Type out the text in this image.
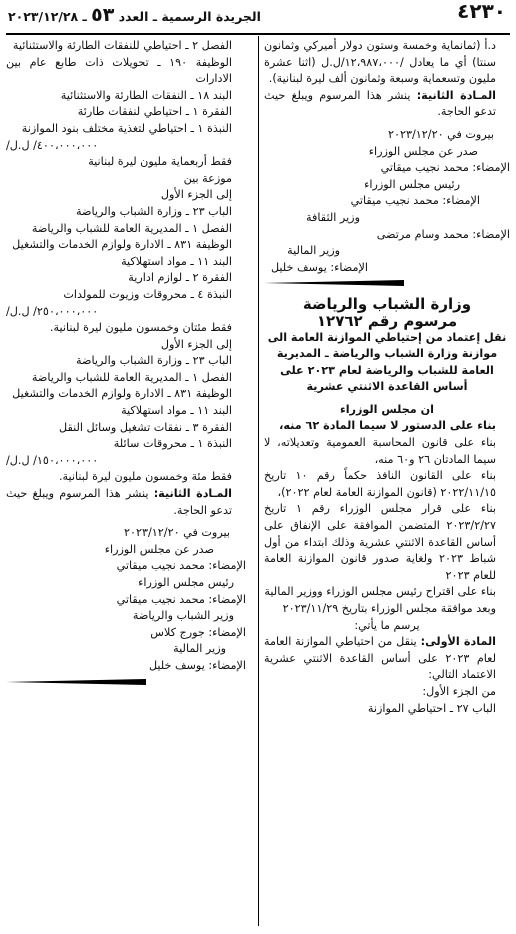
٤٢٣٠
الجريدة الرسمية ـ العدد ٥٣ ـ ٢٠٢٣/١٢/٢٨

د.أ (ثمانماية وخمسة وستون دولار أميركي وثمانون سنتا) أي ما يعادل /١٢،٩٨٧،٠٠٠/ل.ل (اثنا عشرة مليون وتسعماية وسبعة وثمانون ألف ليرة لبنانية).

المـادة الثانية: ينشر هذا المرسوم ويبلغ حيث تدعو الحاجة.

بيروت في ٢٠٢٣/١٢/٢٠

صدر عن مجلس الوزراء

الإمضاء: محمد نجيب ميقاتي

رئيس مجلس الوزراء

الإمضاء: محمد نجيب ميقاتي

وزير الثقافة

الإمضاء: محمد وسام مرتضى

وزير المالية

الإمضاء: يوسف خليل

وزارة الشباب والرياضة
مرسوم رقم ١٢٧٦٢

نقل إعتماد من إحتياطي الموازنة العامة الى موازنة وزارة الشباب والرياضة ـ المديرية العامة للشباب والرياضة لعام ٢٠٢٣ على أساس القاعدة الاثنتي عشرية

ان مجلس الوزراء

بناء على الدستور لا سيما المادة ٦٢ منه،

بناء على قانون المحاسبة العمومية وتعديلاته، لا سيما المادتان ٢٦ و٦٠ منه،

بناء على القانون النافذ حكماً رقم ١٠ تاريخ ٢٠٢٢/١١/١٥ (قانون الموازنة العامة لعام ٢٠٢٢)،

بناء على قرار مجلس الوزراء رقم ١ تاريخ ٢٠٢٣/٢/٢٧ المتضمن الموافقة على الإنفاق على أساس القاعدة الاثنتي عشرية وذلك ابتداء من أول شباط ٢٠٢٣ ولغاية صدور قانون الموازنة العامة للعام ٢٠٢٣

بناء على اقتراح رئيس مجلس الوزراء ووزير المالية

وبعد موافقة مجلس الوزراء بتاريخ ٢٠٢٣/١١/٢٩

يرسم ما يأتي:

المادة الأولى: ينقل من احتياطي الموازنة العامة لعام ٢٠٢٣ على أساس القاعدة الاثنتي عشرية الاعتماد التالي:

من الجزء الأول:

الباب ٢٧ ـ احتياطي الموازنة

الفصل ٢ ـ احتياطي للنفقات الطارئة والاستثنائية

الوظيفة ١٩٠ ـ تحويلات ذات طابع عام بين الادارات

البند ١٨ ـ النفقات الطارئة والاستثنائية

الفقرة ١ ـ احتياطي لنفقات طارئة

النبذة ١ ـ احتياطي لتغذية مختلف بنود الموازنة

/٤٠٠،٠٠٠،٠٠٠/ ل.ل

فقط أربعماية مليون ليرة لبنانية

موزعة بين

إلى الجزء الأول

الباب ٢٣ ـ وزارة الشباب والرياضة

الفصل ١ ـ المديرية العامة للشباب والرياضة

الوظيفة ٨٣١ ـ الادارة ولوازم الخدمات والتشغيل

البند ١١ ـ مواد استهلاكية

الفقرة ٢ ـ لوازم ادارية

النبذة ٤ ـ محروقات وزيوت للمولدات

/٢٥٠،٠٠٠،٠٠٠/ ل.ل

فقط مئتان وخمسون مليون ليرة لبنانية.

إلى الجزء الأول

الباب ٢٣ ـ وزارة الشباب والرياضة

الفصل ١ ـ المديرية العامة للشباب والرياضة

الوظيفة ٨٣١ ـ الادارة ولوازم الخدمات والتشغيل

البند ١١ ـ مواد استهلاكية

الفقرة ٣ ـ نفقات تشغيل وسائل النقل

النبذة ١ ـ محروقات سائلة

/١٥٠،٠٠٠،٠٠٠/ ل.ل

فقط مئة وخمسون مليون ليرة لبنانية.

المـادة الثانية: ينشر هذا المرسوم ويبلغ حيث تدعو الحاجة.

بيروت في ٢٠٢٣/١٢/٢٠

صدر عن مجلس الوزراء

الإمضاء: محمد نجيب ميقاتي

رئيس مجلس الوزراء

الإمضاء: محمد نجيب ميقاتي

وزير الشباب والرياضة

الإمضاء: جورج كلاس

وزير المالية

الإمضاء: يوسف خليل
